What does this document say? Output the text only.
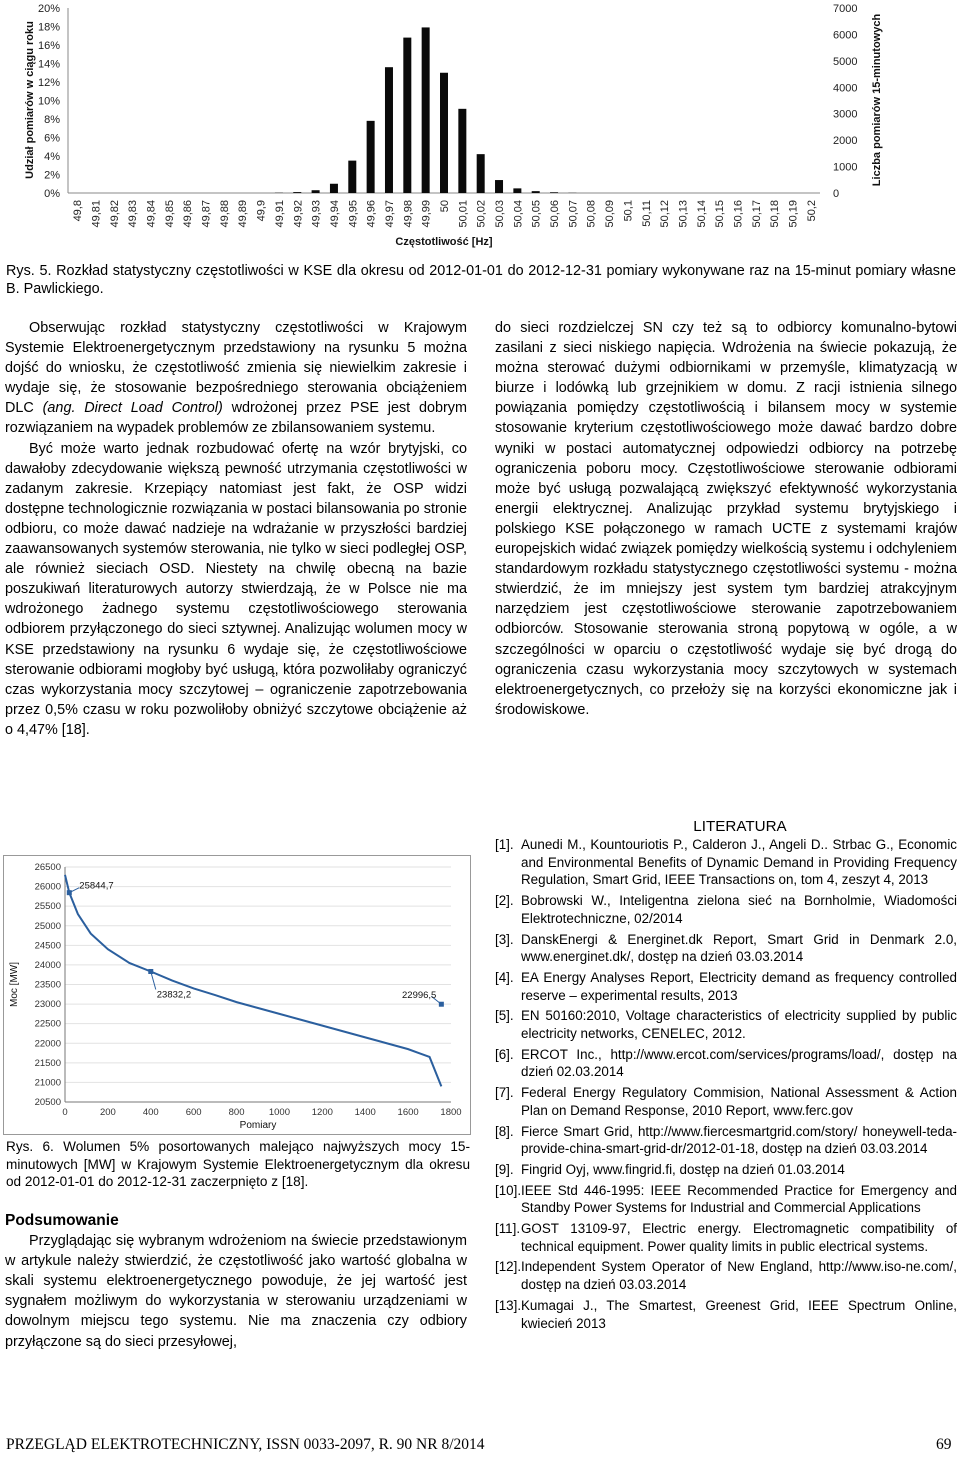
0%
2%
4%
6%
8%
10%
12%
14%
16%
18%
20%
0
1000
2000
3000
4000
5000
6000
7000
49,8 49,81 49,82 49,83 49,84 49,85 49,86 49,87 49,88 49,89 49,9 49,91 49,92 49,93 49,94 49,95 49,96 49,97 49,98 49,99 50 50,01 50,02 50,03 50,04 50,05 50,06 50,07 50,08 50,09 50,1 50,11 50,12 50,13 50,14 50,15 50,16 50,17 50,18 50,19 50,2
Częstotliwość [Hz]
Udział pomiarów w ciągu roku	Liczba pomiarów 15-minutowych
Rys. 5. Rozkład statystyczny częstotliwości w KSE dla okresu od 2012-01-01 do 2012-12-31 pomiary wykonywane raz na 15-minut pomiary własne B. Pawlickiego.

Obserwując rozkład statystyczny częstotliwości w Krajowym Systemie Elektroenergetycznym przedstawiony na rysunku 5 można dojść do wniosku, że częstotliwość zmienia się niewielkim zakresie i wydaje się, że stosowanie bezpośredniego sterowania obciążeniem DLC (ang. Direct Load Control) wdrożonej przez PSE jest dobrym rozwiązaniem na wypadek problemów ze zbilansowaniem systemu.

Być może warto jednak rozbudować ofertę na wzór brytyjski, co dawałoby zdecydowanie większą pewność utrzymania częstotliwości w zadanym zakresie. Krzepiący natomiast jest fakt, że OSP widzi dostępne technologicznie rozwiązania w postaci bilansowania po stronie odbioru, co może dawać nadzieje na wdrażanie w przyszłości bardziej zaawansowanych systemów sterowania, nie tylko w sieci podległej OSP, ale również sieciach OSD. Niestety na chwilę obecną na bazie poszukiwań literaturowych autorzy stwierdzają, że w Polsce nie ma wdrożonego żadnego systemu częstotliwościowego sterowania odbiorem przyłączonego do sieci sztywnej. Analizując wolumen mocy w KSE przedstawiony na rysunku 6 wydaje się, że częstotliwościowe sterowanie odbiorami mogłoby być usługą, która pozwoliłaby ograniczyć czas wykorzystania mocy szczytowej – ograniczenie zapotrzebowania przez 0,5% czasu w roku pozwoliłoby obniżyć szczytowe obciążenie aż o 4,47% [18].

20500
21000
21500
22000
22500
23000
23500
24000
24500
25000
25500
26000
26500
0	200	400	600	800	1000 1200 1400 1600 1800
25844,7
23832,2	22996,5
Pomiary
Moc [MW]
Rys. 6. Wolumen 5% posortowanych malejąco najwyższych mocy 15-minutowych [MW] w Krajowym Systemie Elektroenergetycznym dla okresu od 2012-01-01 do 2012-12-31 zaczerpnięto z [18].
Podsumowanie

Przyglądając się wybranym wdrożeniom na świecie przedstawionym w artykule należy stwierdzić, że częstotliwość jako wartość globalna w skali systemu elektroenergetycznego powoduje, że jej wartość jest sygnałem możliwym do wykorzystania w sterowaniu urządzeniami w dowolnym miejscu tego systemu. Nie ma znaczenia czy odbiory przyłączone są do sieci przesyłowej,

do sieci rozdzielczej SN czy też są to odbiorcy komunalno-bytowi zasilani z sieci niskiego napięcia. Wdrożenia na świecie pokazują, że można sterować dużymi odbiornikami w przemyśle, klimatyzacją w biurze i lodówką lub grzejnikiem w domu. Z racji istnienia silnego powiązania pomiędzy częstotliwością i bilansem mocy w systemie stosowanie kryterium częstotliwościowego może dawać bardzo dobre wyniki w postaci automatycznej odpowiedzi odbiorcy na potrzebę ograniczenia poboru mocy. Częstotliwościowe sterowanie odbiorami może być usługą pozwalającą zwiększyć efektywność wykorzystania energii elektrycznej. Analizując przykład systemu brytyjskiego i polskiego KSE połączonego w ramach UCTE z systemami krajów europejskich widać związek pomiędzy wielkością systemu i odchyleniem standardowym rozkładu statystycznego częstotliwości systemu - można stwierdzić, że im mniejszy jest system tym bardziej atrakcyjnym narzędziem jest częstotliwościowe sterowanie zapotrzebowaniem odbiorców. Stosowanie sterowania stroną popytową w ogóle, a w szczególności w oparciu o częstotliwość wydaje się być drogą do ograniczenia czasu wykorzystania mocy szczytowych w systemach elektroenergetycznych, co przełoży się na korzyści ekonomiczne jak i środowiskowe.

LITERATURA
[1]. Aunedi M., Kountouriotis P., Calderon J., Angeli D.. Strbac G., Economic and Environmental Benefits of Dynamic Demand in Providing Frequency Regulation, Smart Grid, IEEE Transactions on, tom 4, zeszyt 4, 2013
[2]. Bobrowski W., Inteligentna zielona sieć na Bornholmie, Wiadomości Elektrotechniczne, 02/2014
[3]. DanskEnergi & Energinet.dk Report, Smart Grid in Denmark 2.0, www.energinet.dk/, dostęp na dzień 03.03.2014
[4]. EA Energy Analyses Report, Electricity demand as frequency controlled reserve – experimental results, 2013
[5]. EN 50160:2010, Voltage characteristics of electricity supplied by public electricity networks, CENELEC, 2012.
[6]. ERCOT Inc., http://www.ercot.com/services/programs/load/, dostęp na dzień 02.03.2014
[7]. Federal Energy Regulatory Commision, National Assessment & Action Plan on Demand Response, 2010 Report, www.ferc.gov
[8]. Fierce Smart Grid, http://www.fiercesmartgrid.com/story/ honeywell-teda-provide-china-smart-grid-dr/2012-01-18, dostęp na dzień 03.03.2014
[9]. Fingrid Oyj, www.fingrid.fi, dostęp na dzień 01.03.2014
[10]. IEEE Std 446-1995: IEEE Recommended Practice for Emergency and Standby Power Systems for Industrial and Commercial Applications
[11]. GOST 13109-97, Electric energy. Electromagnetic compatibility of technical equipment. Power quality limits in public electrical systems.
[12]. Independent System Operator of New England, http://www.iso-ne.com/, dostęp na dzień 03.03.2014
[13]. Kumagai J., The Smartest, Greenest Grid, IEEE Spectrum Online, kwiecień 2013
PRZEGLĄD ELEKTROTECHNICZNY, ISSN 0033-2097, R. 90 NR 8/2014	69
